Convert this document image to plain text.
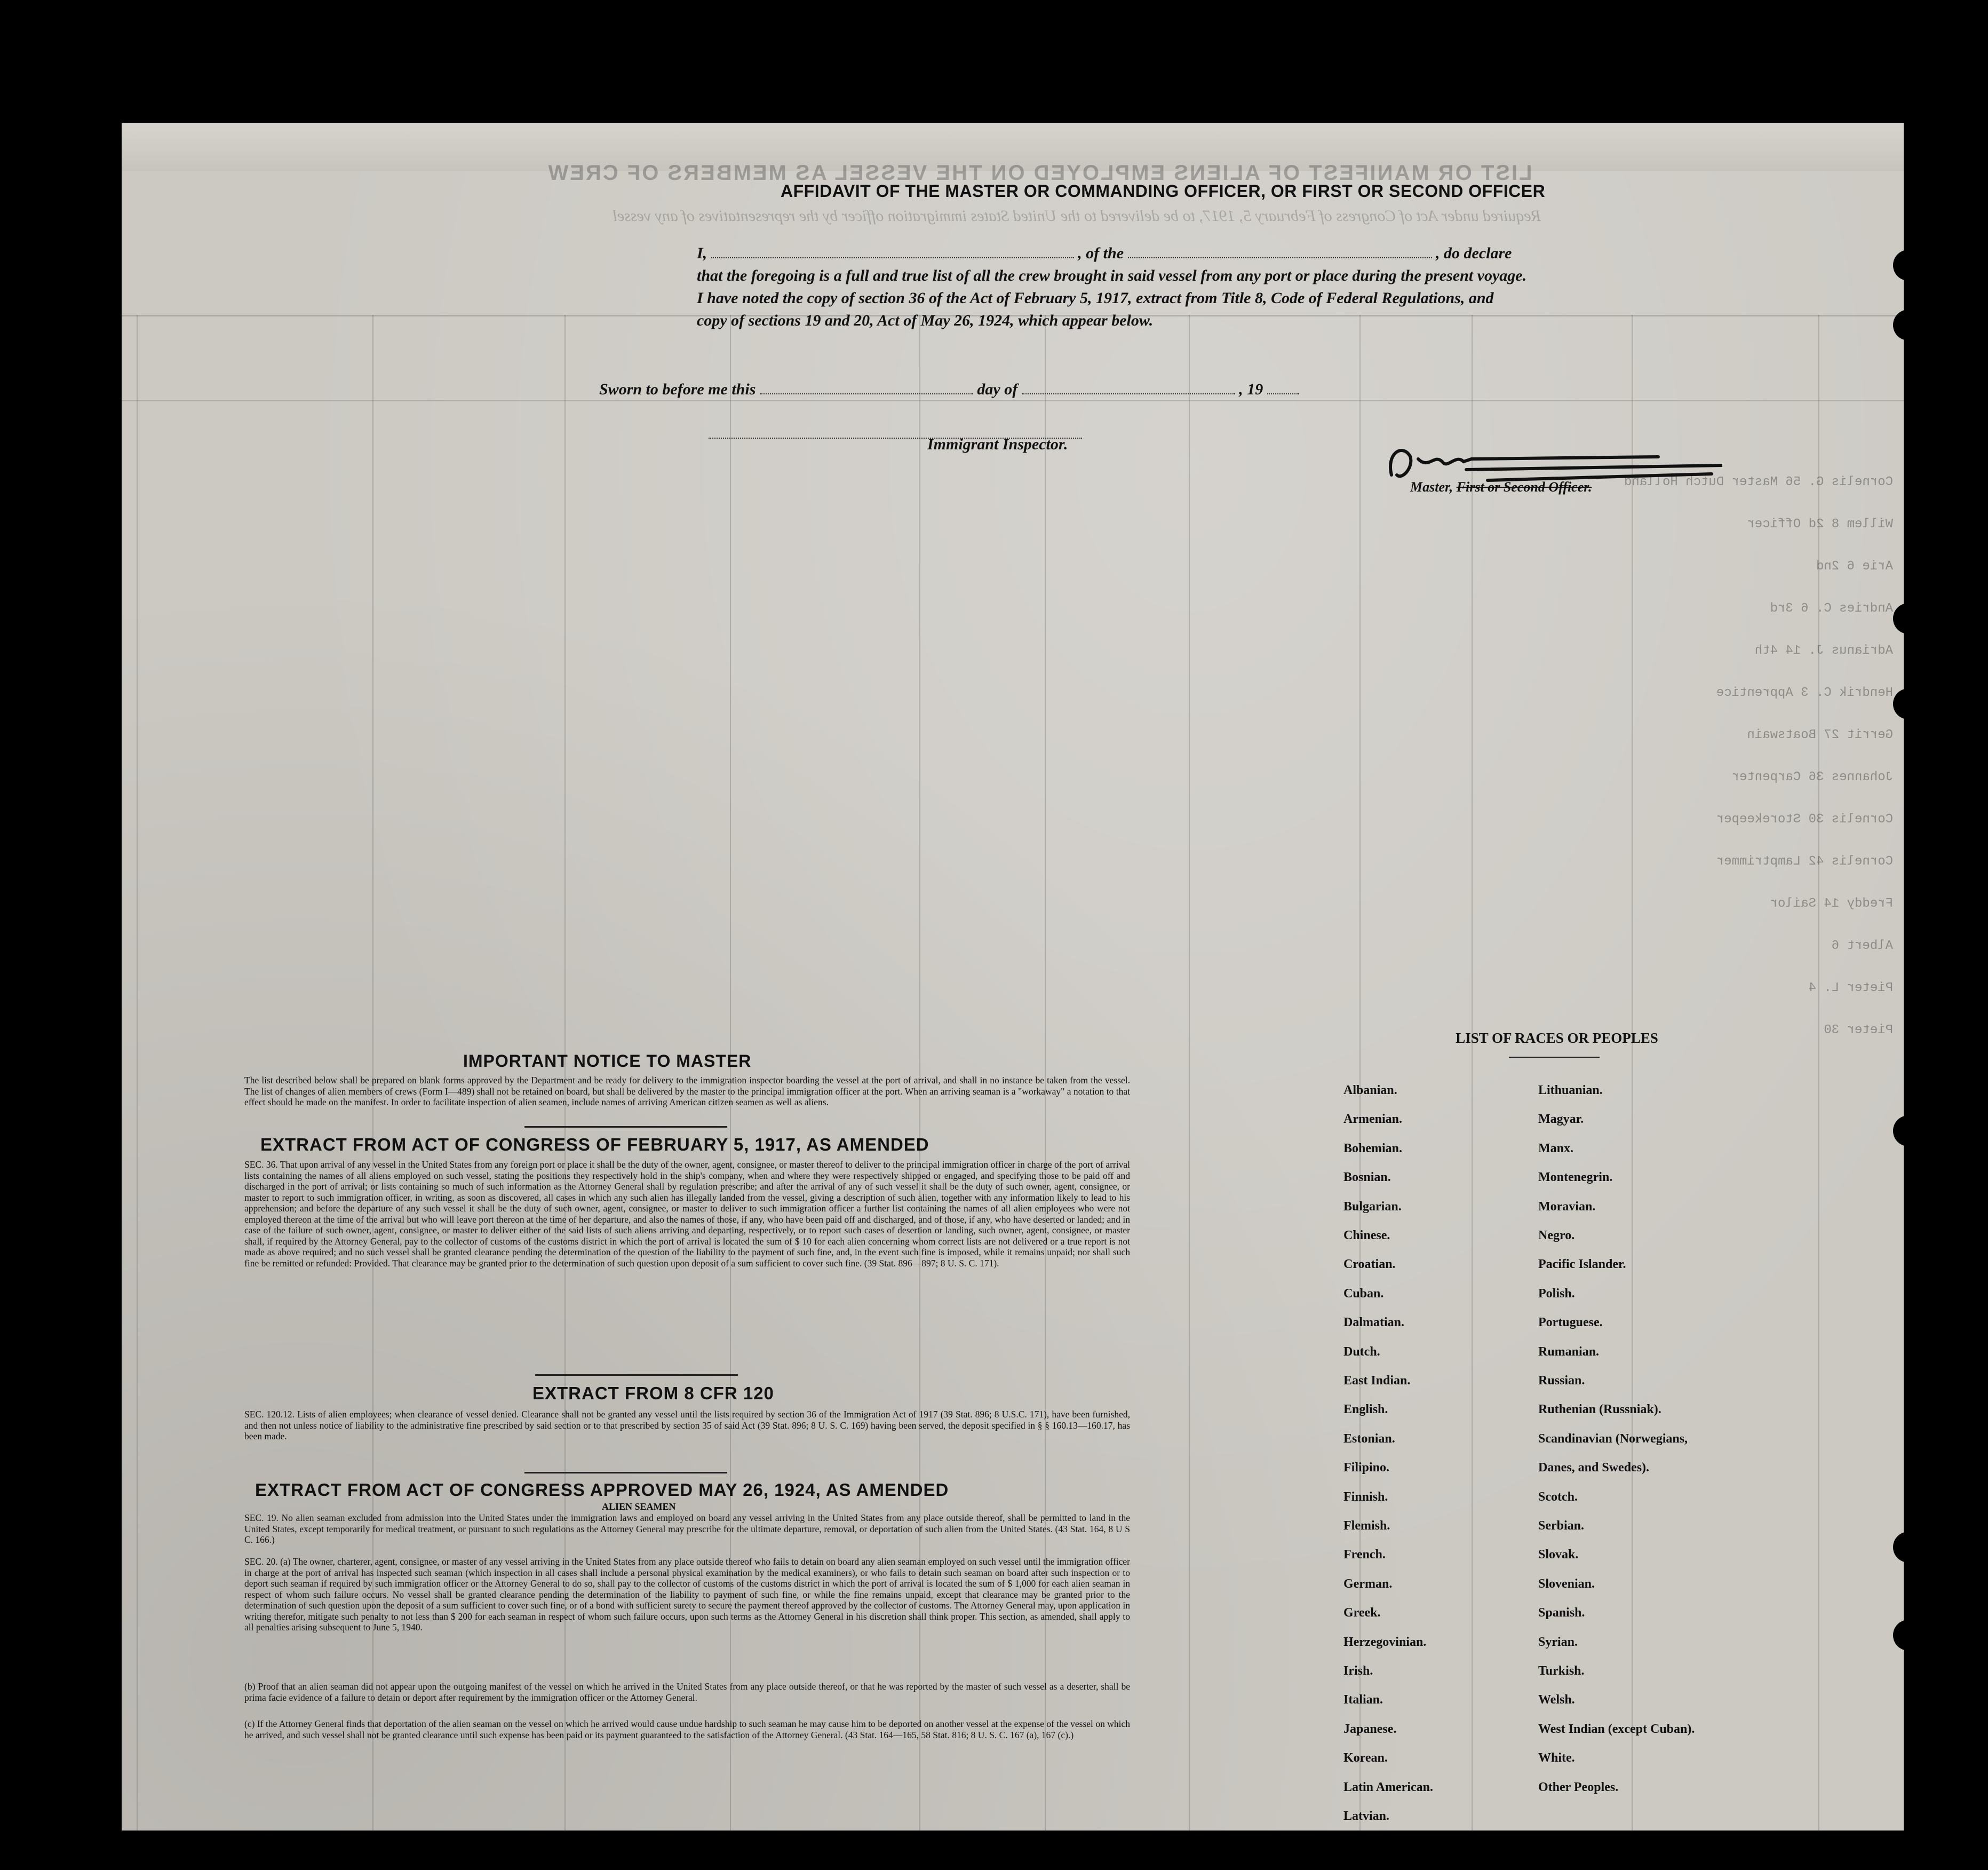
LIST OR MANIFEST OF ALIENS EMPLOYED ON THE VESSEL AS MEMBERS OF CREW
Required under Act of Congress of February 5, 1917, to be delivered to the United States immigration officer by the representatives of any vessel
Cornelis G. 56 Master Dutch Holland
Willem 8 2d Officer
Arie 6 2nd
Andries C. 6 3rd
Adrianus J. 14 4th
Hendrik C. 3 Apprentice
Gerrit 27 Boatswain
Johannes 36 Carpenter
Cornelis 30 Storekeeper
Cornelis 42 Lamptrimmer
Freddy 14 Sailor
Albert 6
Pieter L. 4
Pieter 30
AFFIDAVIT OF THE MASTER OR COMMANDING OFFICER, OR FIRST OR SECOND OFFICER
I,	, of the	, do declare
that the foregoing is a full and true list of all the crew brought in said vessel from any port or place during the present voyage.
I have noted the copy of section 36 of the Act of February 5, 1917, extract from Title 8, Code of Federal Regulations, and
copy of sections 19 and 20, Act of May 26, 1924, which appear below.
Master, First or Second Officer.
Sworn to before me this	day of	, 19
Immigrant Inspector.
IMPORTANT NOTICE TO MASTER
The list described below shall be prepared on blank forms approved by the Department and be ready for delivery to the immigration inspector boarding the vessel at the port of arrival, and shall in no instance be taken from the vessel. The list of changes of alien members of crews (Form I—489) shall not be retained on board, but shall be delivered by the master to the principal immigration officer at the port. When an arriving seaman is a "workaway" a notation to that effect should be made on the manifest. In order to facilitate inspection of alien seamen, include names of arriving American citizen seamen as well as aliens.
EXTRACT FROM ACT OF CONGRESS OF FEBRUARY 5, 1917, AS AMENDED
SEC. 36. That upon arrival of any vessel in the United States from any foreign port or place it shall be the duty of the owner, agent, consignee, or master thereof to deliver to the principal immigration officer in charge of the port of arrival lists containing the names of all aliens employed on such vessel, stating the positions they respectively hold in the ship's company, when and where they were respectively shipped or engaged, and specifying those to be paid off and discharged in the port of arrival; or lists containing so much of such information as the Attorney General shall by regulation prescribe; and after the arrival of any of such vessel it shall be the duty of such owner, agent, consignee, or master to report to such immigration officer, in writing, as soon as discovered, all cases in which any such alien has illegally landed from the vessel, giving a description of such alien, together with any information likely to lead to his apprehension; and before the departure of any such vessel it shall be the duty of such owner, agent, consignee, or master to deliver to such immigration officer a further list containing the names of all alien employees who were not employed thereon at the time of the arrival but who will leave port thereon at the time of her departure, and also the names of those, if any, who have been paid off and discharged, and of those, if any, who have deserted or landed; and in case of the failure of such owner, agent, consignee, or master to deliver either of the said lists of such aliens arriving and departing, respectively, or to report such cases of desertion or landing, such owner, agent, consignee, or master shall, if required by the Attorney General, pay to the collector of customs of the customs district in which the port of arrival is located the sum of $ 10 for each alien concerning whom correct lists are not delivered or a true report is not made as above required; and no such vessel shall be granted clearance pending the determination of the question of the liability to the payment of such fine, and, in the event such fine is imposed, while it remains unpaid; nor shall such fine be remitted or refunded: Provided. That clearance may be granted prior to the determination of such question upon deposit of a sum sufficient to cover such fine. (39 Stat. 896—897; 8 U. S. C. 171).
EXTRACT FROM 8 CFR 120
SEC. 120.12. Lists of alien employees; when clearance of vessel denied. Clearance shall not be granted any vessel until the lists required by section 36 of the Immigration Act of 1917 (39 Stat. 896; 8 U.S.C. 171), have been furnished, and then not unless notice of liability to the administrative fine prescribed by said section or to that prescribed by section 35 of said Act (39 Stat. 896; 8 U. S. C. 169) having been served, the deposit specified in § § 160.13—160.17, has been made.
EXTRACT FROM ACT OF CONGRESS APPROVED MAY 26, 1924, AS AMENDED
ALIEN SEAMEN
SEC. 19. No alien seaman excluded from admission into the United States under the immigration laws and employed on board any vessel arriving in the United States from any place outside thereof, shall be permitted to land in the United States, except temporarily for medical treatment, or pursuant to such regulations as the Attorney General may prescribe for the ultimate departure, removal, or deportation of such alien from the United States. (43 Stat. 164, 8 U S C. 166.)
SEC. 20. (a) The owner, charterer, agent, consignee, or master of any vessel arriving in the United States from any place outside thereof who fails to detain on board any alien seaman employed on such vessel until the immigration officer in charge at the port of arrival has inspected such seaman (which inspection in all cases shall include a personal physical examination by the medical examiners), or who fails to detain such seaman on board after such inspection or to deport such seaman if required by such immigration officer or the Attorney General to do so, shall pay to the collector of customs of the customs district in which the port of arrival is located the sum of $ 1,000 for each alien seaman in respect of whom such failure occurs. No vessel shall be granted clearance pending the determination of the liability to payment of such fine, or while the fine remains unpaid, except that clearance may be granted prior to the determination of such question upon the deposit of a sum sufficient to cover such fine, or of a bond with sufficient surety to secure the payment thereof approved by the collector of customs. The Attorney General may, upon application in writing therefor, mitigate such penalty to not less than $ 200 for each seaman in respect of whom such failure occurs, upon such terms as the Attorney General in his discretion shall think proper. This section, as amended, shall apply to all penalties arising subsequent to June 5, 1940.
(b) Proof that an alien seaman did not appear upon the outgoing manifest of the vessel on which he arrived in the United States from any place outside thereof, or that he was reported by the master of such vessel as a deserter, shall be prima facie evidence of a failure to detain or deport after requirement by the immigration officer or the Attorney General.
(c) If the Attorney General finds that deportation of the alien seaman on the vessel on which he arrived would cause undue hardship to such seaman he may cause him to be deported on another vessel at the expense of the vessel on which he arrived, and such vessel shall not be granted clearance until such expense has been paid or its payment guaranteed to the satisfaction of the Attorney General. (43 Stat. 164—165, 58 Stat. 816; 8 U. S. C. 167 (a), 167 (c).)
LIST OF RACES OR PEOPLES
Albanian.
Armenian.
Bohemian.
Bosnian.
Bulgarian.
Chinese.
Croatian.
Cuban.
Dalmatian.
Dutch.
East Indian.
English.
Estonian.
Filipino.
Finnish.
Flemish.
French.
German.
Greek.
Herzegovinian.
Irish.
Italian.
Japanese.
Korean.
Latin American.
Latvian.
Lithuanian.
Magyar.
Manx.
Montenegrin.
Moravian.
Negro.
Pacific Islander.
Polish.
Portuguese.
Rumanian.
Russian.
Ruthenian (Russniak).
Scandinavian (Norwegians,
Danes, and Swedes).
Scotch.
Serbian.
Slovak.
Slovenian.
Spanish.
Syrian.
Turkish.
Welsh.
West Indian (except Cuban).
White.
Other Peoples.
